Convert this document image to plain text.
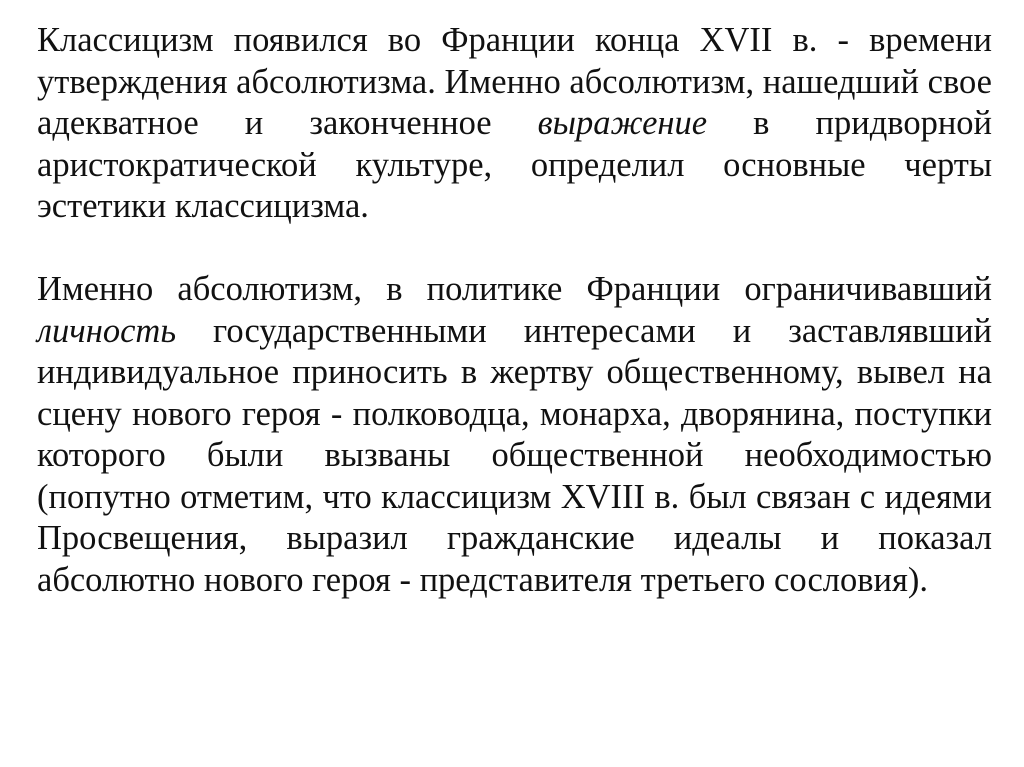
Классицизм появился во Франции конца XVII в. - времени утверждения абсолютизма. Именно абсолютизм, нашедший свое адекватное и законченное выражение в придворной аристократической культуре, определил основные черты эстетики классицизма.

Именно абсолютизм, в политике Франции ограничивавший личность государственными интересами и заставлявший индивидуальное приносить в жертву общественному, вывел на сцену нового героя - полководца, монарха, дворянина, поступки которого были вызваны общественной необходимостью (попутно отметим, что классицизм XVIII в. был связан с идеями Просвещения, выразил гражданские идеалы и показал абсолютно нового героя - представителя третьего сословия).
